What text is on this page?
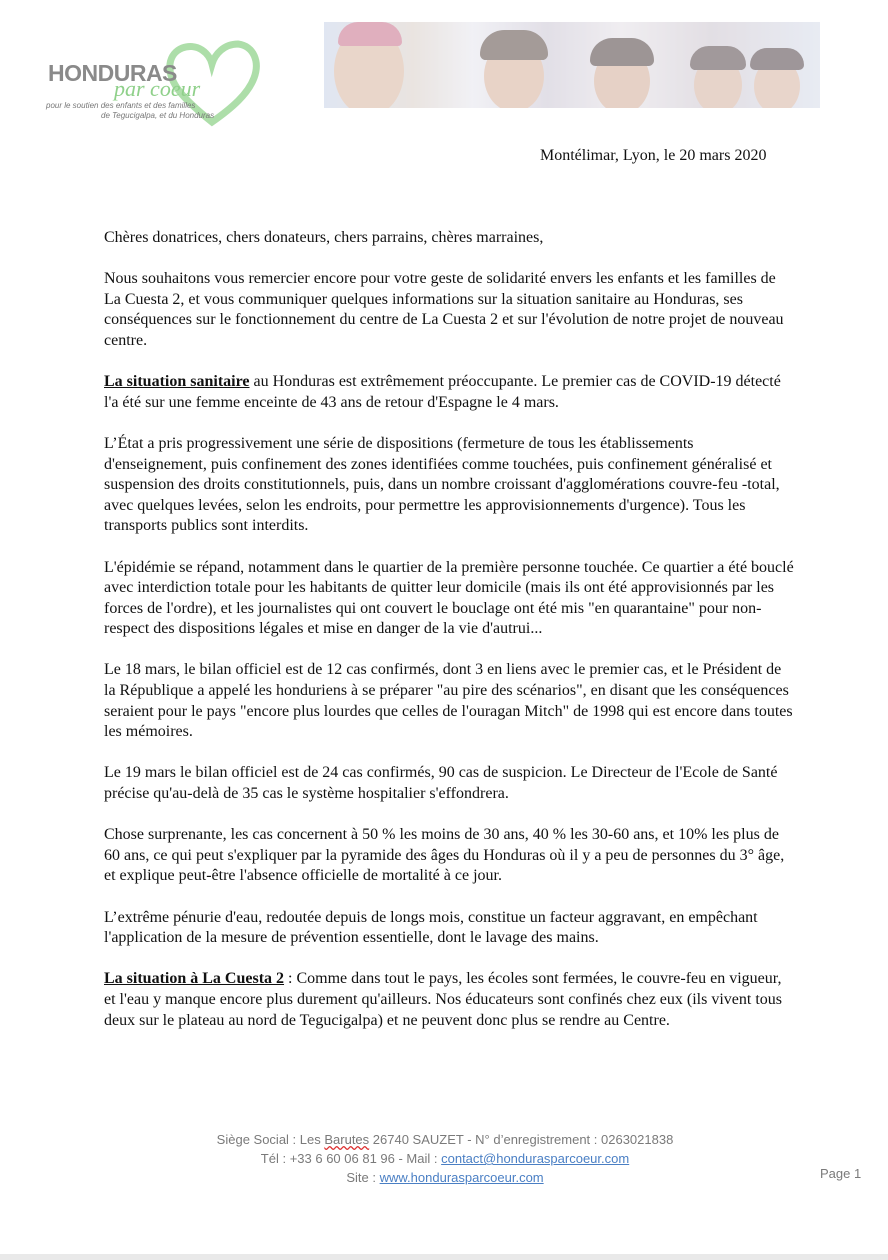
HONDURAS
par coeur
pour le soutien des enfants et des familles
de Tegucigalpa, et du Honduras
Montélimar, Lyon, le 20 mars 2020

Chères donatrices, chers donateurs, chers parrains, chères marraines,

Nous souhaitons vous remercier encore pour votre geste de solidarité envers les enfants et les familles de La Cuesta 2, et vous communiquer quelques informations sur la situation sanitaire au Honduras, ses conséquences sur le fonctionnement du centre de La Cuesta 2 et sur l'évolution de notre projet de nouveau centre.

La situation sanitaire au Honduras est extrêmement préoccupante. Le premier cas de COVID-19 détecté l'a été sur une femme enceinte de 43 ans de retour d'Espagne le 4 mars.

L’État a pris progressivement une série de dispositions (fermeture de tous les établissements d'enseignement, puis confinement des zones identifiées comme touchées, puis confinement généralisé et suspension des droits constitutionnels, puis, dans un nombre croissant d'agglomérations couvre-feu -total, avec quelques levées, selon les endroits, pour permettre les approvisionnements d'urgence). Tous les transports publics sont interdits.

L'épidémie se répand, notamment dans le quartier de la première personne touchée. Ce quartier a été bouclé avec interdiction totale pour les habitants de quitter leur domicile (mais ils ont été approvisionnés par les forces de l'ordre), et les journalistes qui ont couvert le bouclage ont été mis "en quarantaine" pour non-respect des dispositions légales et mise en danger de la vie d'autrui...

Le 18 mars, le bilan officiel est de 12 cas confirmés, dont 3 en liens avec le premier cas, et le Président de la République a appelé les honduriens à se préparer "au pire des scénarios", en disant que les conséquences seraient pour le pays "encore plus lourdes que celles de l'ouragan Mitch" de 1998 qui est encore dans toutes les mémoires.

Le 19 mars le bilan officiel est de 24 cas confirmés, 90 cas de suspicion. Le Directeur de l'Ecole de Santé précise qu'au-delà de 35 cas le système hospitalier s'effondrera.

Chose surprenante, les cas concernent à 50 % les moins de 30 ans, 40 % les 30-60 ans, et 10% les plus de 60 ans, ce qui peut s'expliquer par la pyramide des âges du Honduras où il y a peu de personnes du 3° âge, et explique peut-être l'absence officielle de mortalité à ce jour.

L’extrême pénurie d'eau, redoutée depuis de longs mois, constitue un facteur aggravant, en empêchant l'application de la mesure de prévention essentielle, dont le lavage des mains.

La situation à La Cuesta 2 : Comme dans tout le pays, les écoles sont fermées, le couvre-feu en vigueur, et l'eau y manque encore plus durement qu'ailleurs. Nos éducateurs sont confinés chez eux (ils vivent tous deux sur le plateau au nord de Tegucigalpa) et ne peuvent donc plus se rendre au Centre.

Siège Social : Les Barutes 26740 SAUZET - N° d’enregistrement : 0263021838
Tél : +33 6 60 06 81 96 - Mail : contact@hondurasparcoeur.com
Site : www.hondurasparcoeur.com	Page 1
